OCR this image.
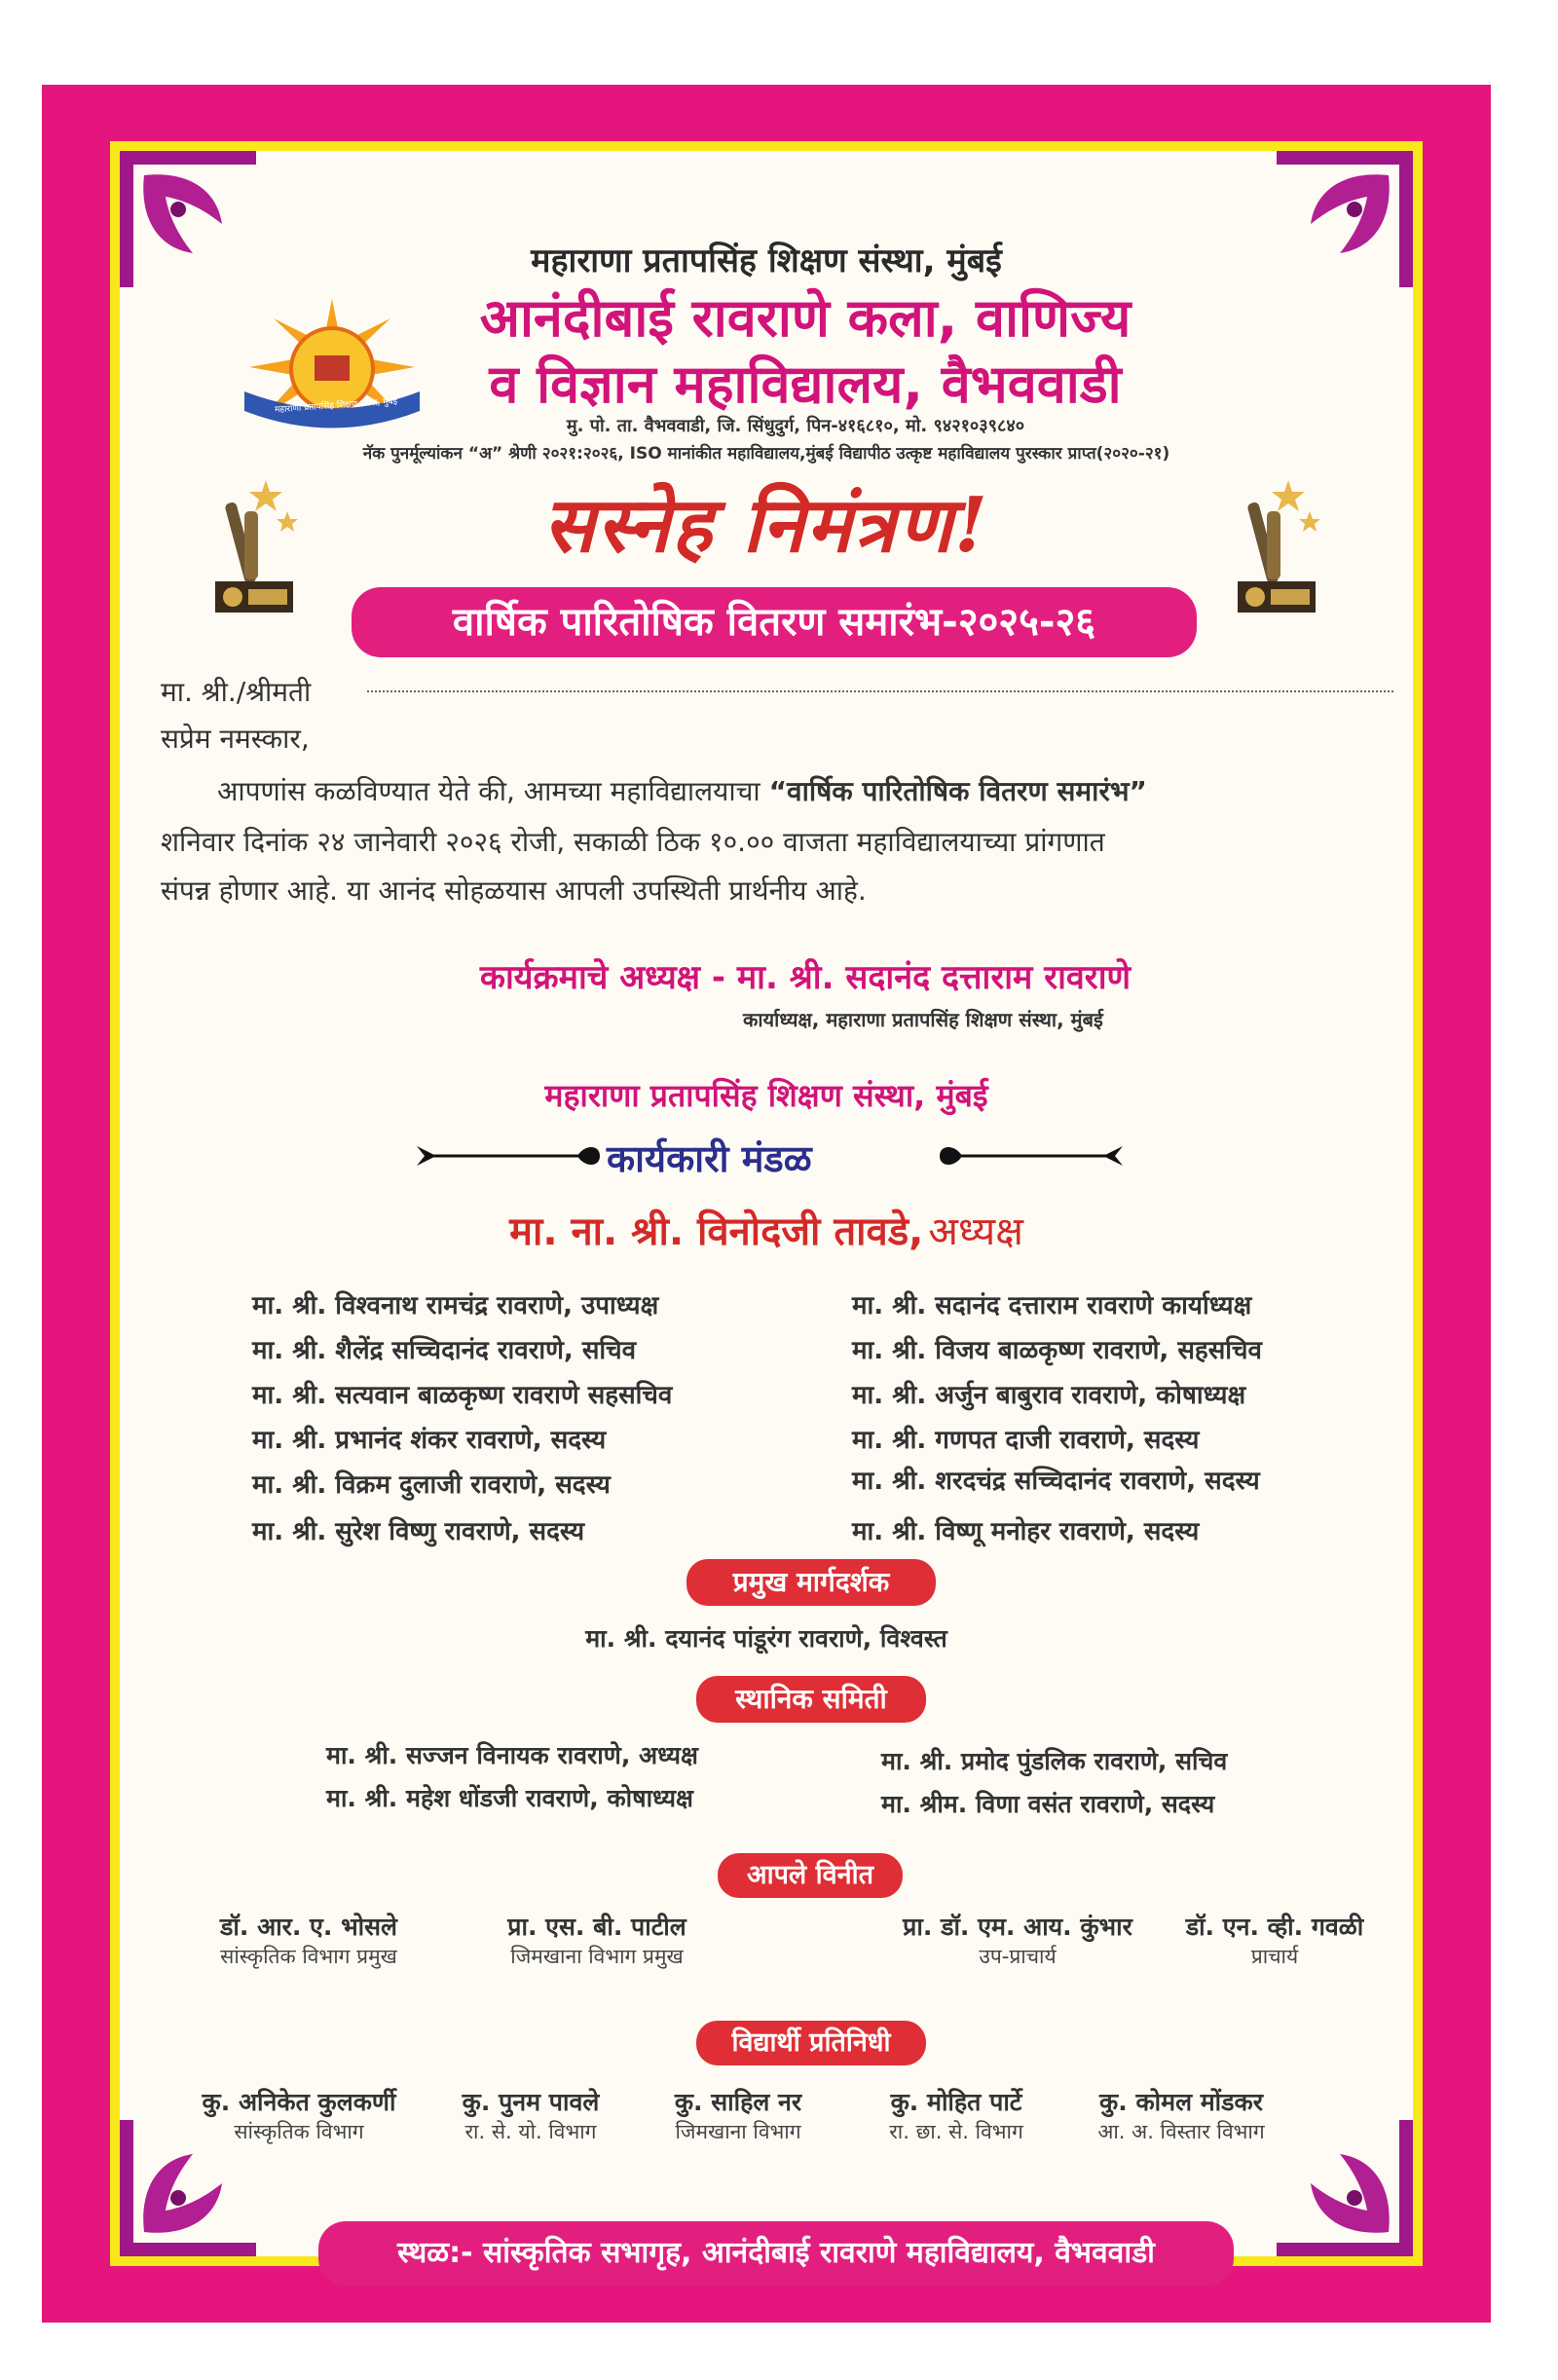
महाराणा प्रतापसिंह शिक्षण संस्था, मुंबई
महाराणा प्रतापसिंह शिक्षण संस्था, मुंबई
आनंदीबाई रावराणे कला, वाणिज्य
व विज्ञान महाविद्यालय, वैभववाडी
मु. पो. ता. वैभववाडी, जि. सिंधुदुर्ग, पिन-४१६८१०, मो. ९४२१०३९८४०
नॅक पुनर्मूल्यांकन “अ” श्रेणी २०२१:२०२६, ISO मानांकीत महाविद्यालय,मुंबई विद्यापीठ उत्कृष्ट महाविद्यालय पुरस्कार प्राप्त(२०२०-२१)
सस्नेह निमंत्रण!
वार्षिक पारितोषिक वितरण समारंभ-२०२५-२६
मा. श्री./श्रीमती
सप्रेम नमस्कार,
आपणांस कळविण्यात येते की, आमच्या महाविद्यालयाचा “वार्षिक पारितोषिक वितरण समारंभ”
शनिवार दिनांक २४ जानेवारी २०२६ रोजी, सकाळी ठिक १०.०० वाजता महाविद्यालयाच्या प्रांगणात
संपन्न होणार आहे. या आनंद सोहळयास आपली उपस्थिती प्रार्थनीय आहे.
कार्यक्रमाचे अध्यक्ष - मा. श्री. सदानंद दत्ताराम रावराणे
कार्याध्यक्ष, महाराणा प्रतापसिंह शिक्षण संस्था, मुंबई
महाराणा प्रतापसिंह शिक्षण संस्था, मुंबई
कार्यकारी मंडळ
मा. ना. श्री. विनोदजी तावडे, अध्यक्ष
मा. श्री. विश्वनाथ रामचंद्र रावराणे, उपाध्यक्ष
मा. श्री. शैलेंद्र सच्चिदानंद रावराणे, सचिव
मा. श्री. सत्यवान बाळकृष्ण रावराणे सहसचिव
मा. श्री. प्रभानंद शंकर रावराणे, सदस्य
मा. श्री. विक्रम दुलाजी रावराणे, सदस्य
मा. श्री. सुरेश विष्णु रावराणे, सदस्य
मा. श्री. सदानंद दत्ताराम रावराणे कार्याध्यक्ष
मा. श्री. विजय बाळकृष्ण रावराणे, सहसचिव
मा. श्री. अर्जुन बाबुराव रावराणे, कोषाध्यक्ष
मा. श्री. गणपत दाजी रावराणे, सदस्य
मा. श्री. शरदचंद्र सच्चिदानंद रावराणे, सदस्य
मा. श्री. विष्णू मनोहर रावराणे, सदस्य
प्रमुख मार्गदर्शक
मा. श्री. दयानंद पांडूरंग रावराणे, विश्वस्त
स्थानिक समिती
मा. श्री. सज्जन विनायक रावराणे, अध्यक्ष
मा. श्री. महेश धोंडजी रावराणे, कोषाध्यक्ष
मा. श्री. प्रमोद पुंडलिक रावराणे, सचिव
मा. श्रीम. विणा वसंत रावराणे, सदस्य
आपले विनीत
डॉ. आर. ए. भोसले
सांस्कृतिक विभाग प्रमुख
प्रा. एस. बी. पाटील
जिमखाना विभाग प्रमुख
प्रा. डॉ. एम. आय. कुंभार
उप-प्राचार्य
डॉ. एन. व्ही. गवळी
प्राचार्य
विद्यार्थी प्रतिनिधी
कु. अनिकेत कुलकर्णी
सांस्कृतिक विभाग
कु. पुनम पावले
रा. से. यो. विभाग
कु. साहिल नर
जिमखाना विभाग
कु. मोहित पार्टे
रा. छा. से. विभाग
कु. कोमल मोंडकर
आ. अ. विस्तार विभाग
स्थळ:- सांस्कृतिक सभागृह, आनंदीबाई रावराणे महाविद्यालय, वैभववाडी
